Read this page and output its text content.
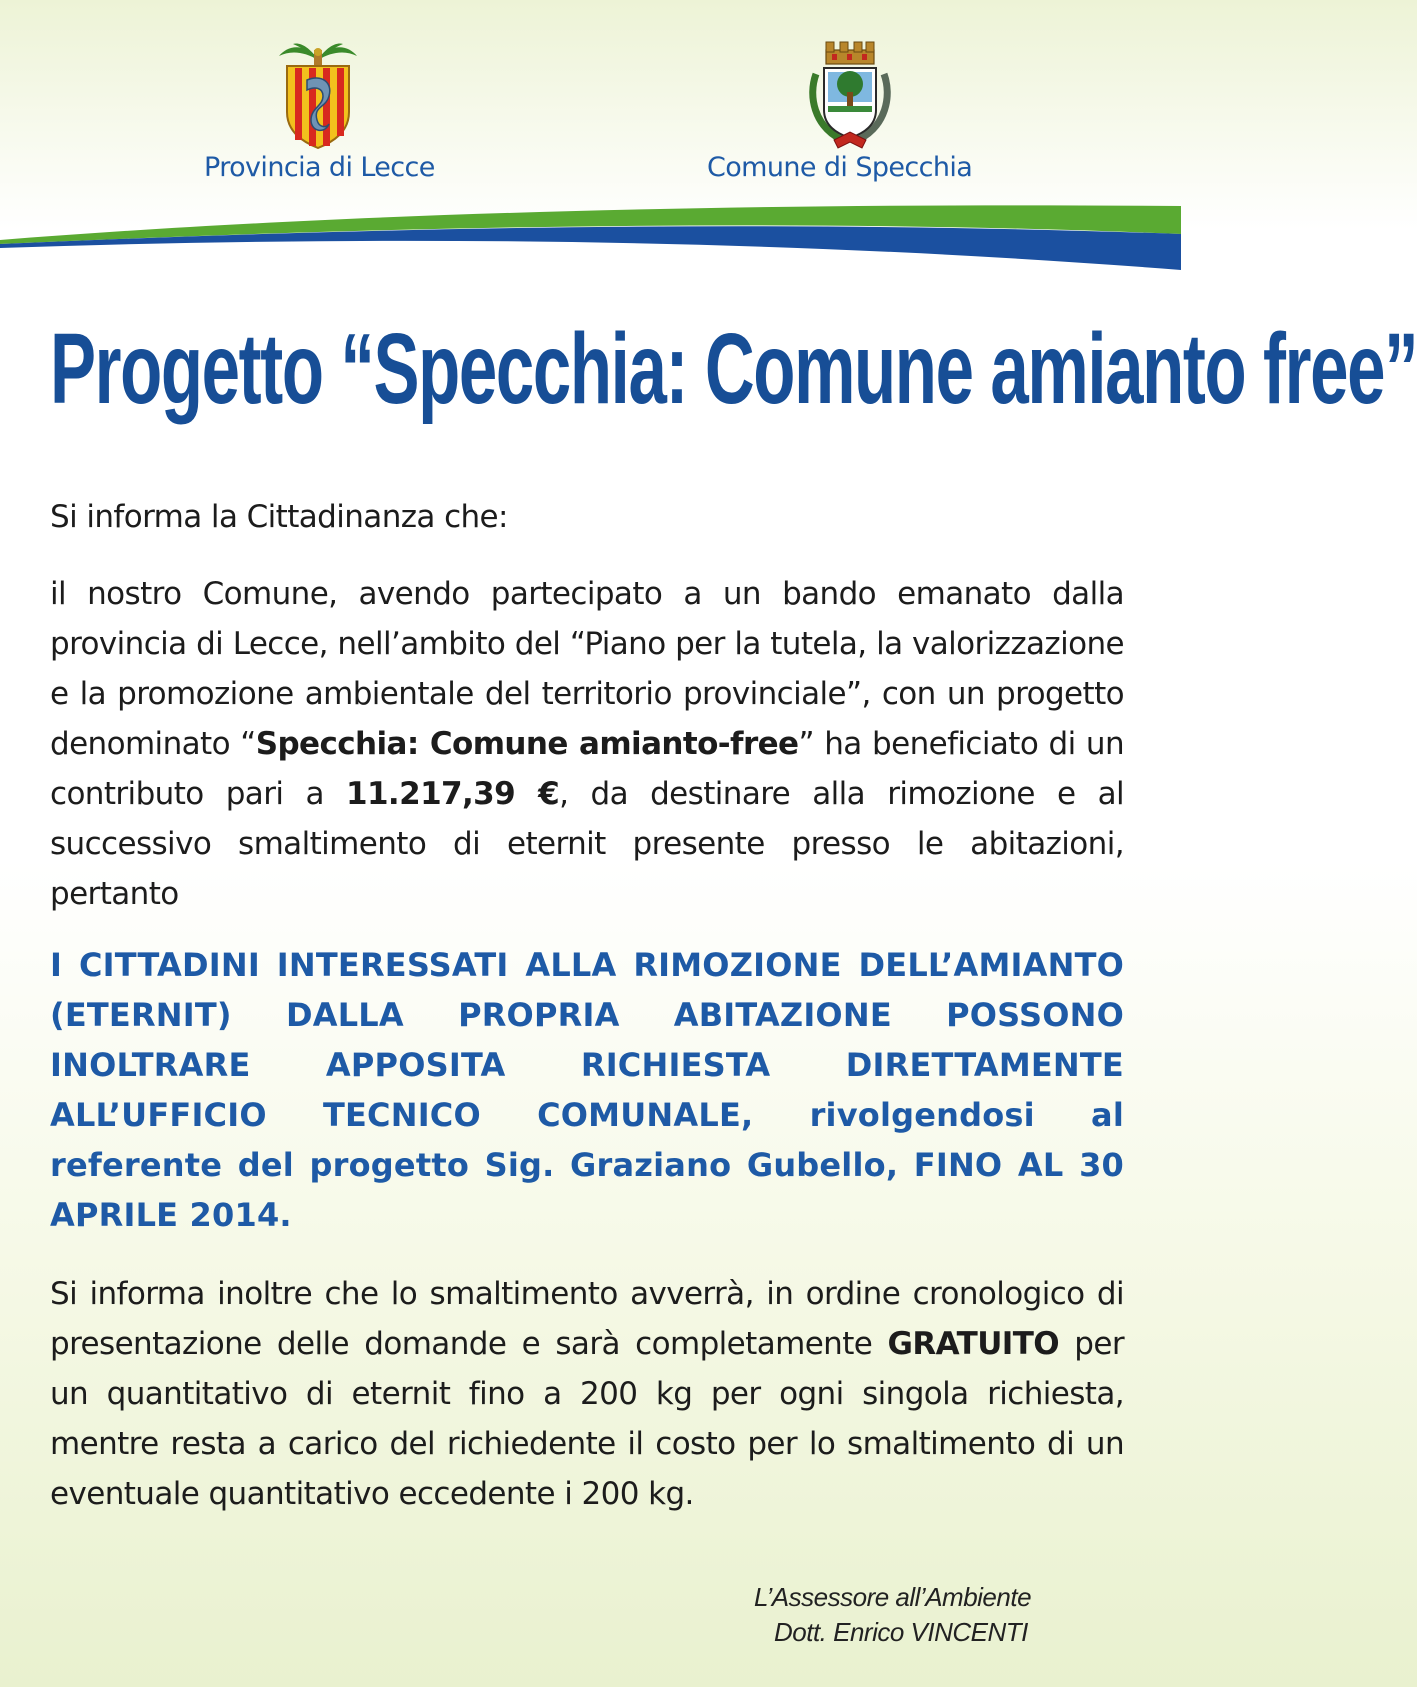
Provincia di Lecce	Comune di Specchia
Progetto “Specchia: Comune amianto free”

Si informa la Cittadinanza che:

il nostro Comune, avendo partecipato a un bando emanato dalla provincia di Lecce, nell’ambito del “Piano per la tutela, la valorizzazione e la promozione ambientale del territorio provinciale”, con un progetto denominato “Specchia: Comune amianto-free” ha beneficiato di un contributo pari a 11.217,39 €, da destinare alla rimozione e al successivo smaltimento di eternit presente presso le abitazioni, pertanto

I CITTADINI INTERESSATI ALLA RIMOZIONE DELL’AMIANTO (ETERNIT) DALLA PROPRIA ABITAZIONE POSSONO INOLTRARE APPOSITA RICHIESTA DIRETTAMENTE ALL’UFFICIO TECNICO COMUNALE, rivolgendosi al referente del progetto Sig. Graziano Gubello, FINO AL 30 APRILE 2014.

Si informa inoltre che lo smaltimento avverrà, in ordine cronologico di presentazione delle domande e sarà completamente GRATUITO per un quantitativo di eternit fino a 200 kg per ogni singola richiesta, mentre resta a carico del richiedente il costo per lo smaltimento di un eventuale quantitativo eccedente i 200 kg.

L’Assessore all’Ambiente
Dott. Enrico VINCENTI
